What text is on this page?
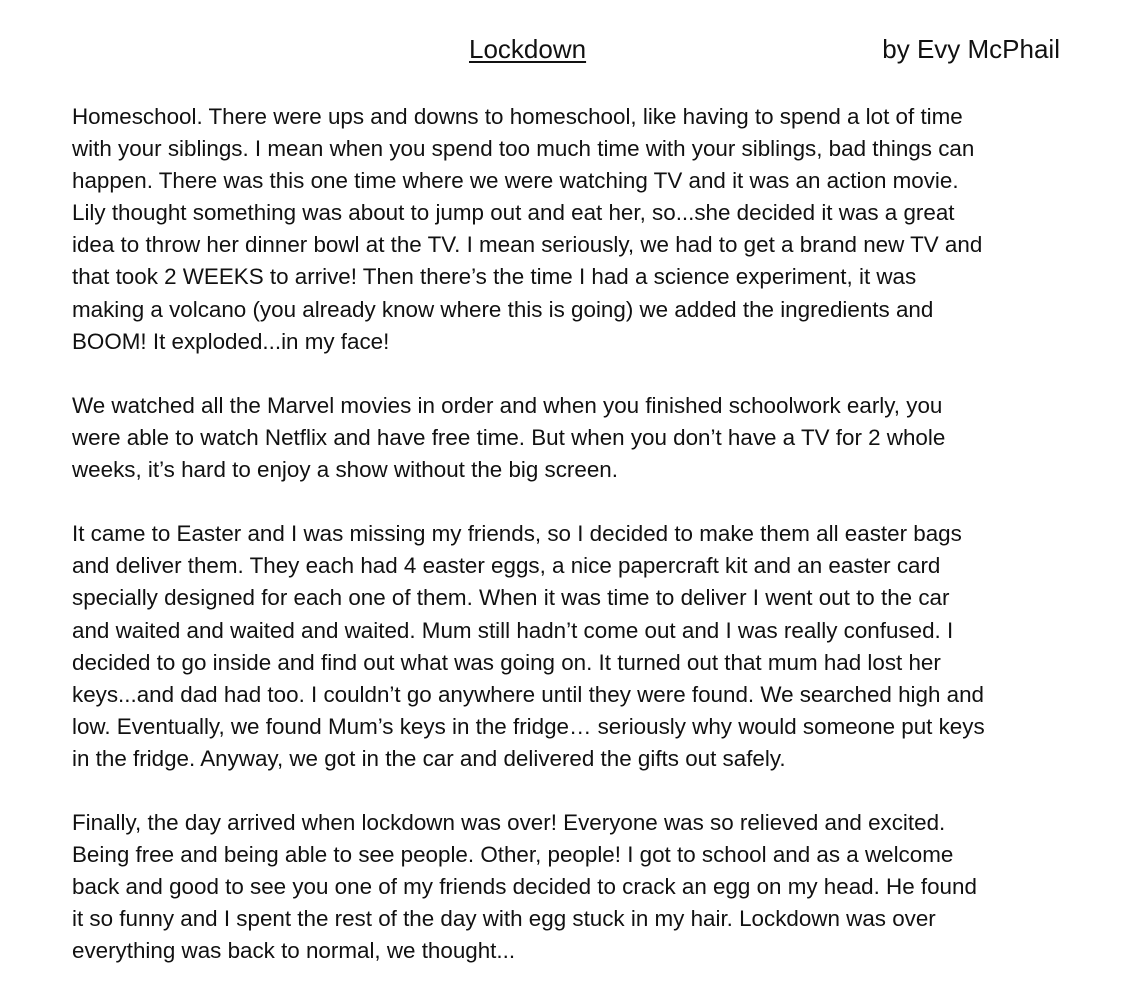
Lockdown	by Evy McPhail

Homeschool. There were ups and downs to homeschool, like having to spend a lot of time
with your siblings. I mean when you spend too much time with your siblings, bad things can
happen. There was this one time where we were watching TV and it was an action movie.
Lily thought something was about to jump out and eat her, so...she decided it was a great
idea to throw her dinner bowl at the TV. I mean seriously, we had to get a brand new TV and
that took 2 WEEKS to arrive! Then there’s the time I had a science experiment, it was
making a volcano (you already know where this is going) we added the ingredients and
BOOM! It exploded...in my face!

We watched all the Marvel movies in order and when you finished schoolwork early, you
were able to watch Netflix and have free time. But when you don’t have a TV for 2 whole
weeks, it’s hard to enjoy a show without the big screen.

It came to Easter and I was missing my friends, so I decided to make them all easter bags
and deliver them. They each had 4 easter eggs, a nice papercraft kit and an easter card
specially designed for each one of them. When it was time to deliver I went out to the car
and waited and waited and waited. Mum still hadn’t come out and I was really confused. I
decided to go inside and find out what was going on. It turned out that mum had lost her
keys...and dad had too. I couldn’t go anywhere until they were found. We searched high and
low. Eventually, we found Mum’s keys in the fridge… seriously why would someone put keys
in the fridge. Anyway, we got in the car and delivered the gifts out safely.

Finally, the day arrived when lockdown was over! Everyone was so relieved and excited.
Being free and being able to see people. Other, people! I got to school and as a welcome
back and good to see you one of my friends decided to crack an egg on my head. He found
it so funny and I spent the rest of the day with egg stuck in my hair. Lockdown was over
everything was back to normal, we thought...
